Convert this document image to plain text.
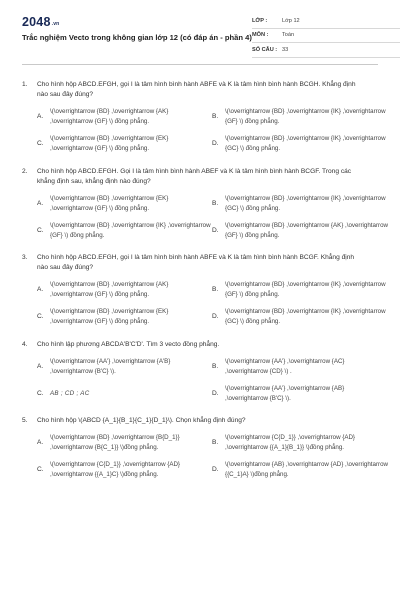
2048.vn
Trắc nghiệm Vecto trong không gian lớp 12 (có đáp án - phần 4)
LỚP :	Lớp 12
MÔN :	Toán
SỐ CÂU : 33
1.	Cho hình hộp ABCD.EFGH, gọi I là tâm hình bình hành ABFE và K là tâm hình bình hành BCGH. Khẳng định nào sau đây đúng?
A.
\(\overrightarrow {BD} ,\overrightarrow {AK} ,\overrightarrow {GF} \) đồng phẳng.
B.
\(\overrightarrow {BD} ,\overrightarrow {IK} ,\overrightarrow {GF} \) đồng phẳng.
C.
\(\overrightarrow {BD} ,\overrightarrow {EK} ,\overrightarrow {GF} \) đồng phẳng.
D.
\(\overrightarrow {BD} ,\overrightarrow {IK} ,\overrightarrow {GC} \) đồng phẳng.
2.	Cho hình hộp ABCD.EFGH. Gọi I là tâm hình bình hành ABEF và K là tâm hình bình hành BCGF. Trong các khẳng định sau, khẳng định nào đúng?
A.
\(\overrightarrow {BD} ,\overrightarrow {EK} ,\overrightarrow {GF} \) đồng phẳng.
B.
\(\overrightarrow {BD} ,\overrightarrow {IK} ,\overrightarrow {GC} \) đồng phẳng.
C.
\(\overrightarrow {BD} ,\overrightarrow {IK} ,\overrightarrow {GF} \) đồng phẳng.
D.
\(\overrightarrow {BD} ,\overrightarrow {AK} ,\overrightarrow {GF} \) đồng phẳng.
3.	Cho hình hộp ABCD.EFGH, gọi I là tâm hình bình hành ABFE và K là tâm hình bình hành BCGF. Khẳng định nào sau đây đúng?
A.
\(\overrightarrow {BD} ,\overrightarrow {AK} ,\overrightarrow {GF} \) đồng phẳng.
B.
\(\overrightarrow {BD} ,\overrightarrow {IK} ,\overrightarrow {GF} \) đồng phẳng.
C.
\(\overrightarrow {BD} ,\overrightarrow {EK} ,\overrightarrow {GF} \) đồng phẳng.
D.
\(\overrightarrow {BD} ,\overrightarrow {IK} ,\overrightarrow {GC} \) đồng phẳng.
4.	Cho hình lập phương ABCDA'B'C'D'. Tìm 3 vecto đồng phẳng.
A.
\(\overrightarrow {AA'} ,\overrightarrow {A'B} ,\overrightarrow {B'C} \).
B.
\(\overrightarrow {AA'} ,\overrightarrow {AC} ,\overrightarrow {CD} \) .
C.	AB ; CD ; AC	D.
\(\overrightarrow {AA'} ,\overrightarrow {AB} ,\overrightarrow {B'C} \).
5.	Cho hình hộp \(ABCD {A_1}{B_1}{C_1}{D_1}\). Chọn khẳng định đúng?
A.
\(\overrightarrow {BD} ,\overrightarrow {B{D_1}} ,\overrightarrow {B{C_1}} \)đồng phẳng.
B.
\(\overrightarrow {C{D_1}} ,\overrightarrow {AD} ,\overrightarrow {{A_1}{B_1}} \)đồng phẳng.
C.
\(\overrightarrow {C{D_1}} ,\overrightarrow {AD} ,\overrightarrow {{A_1}C} \)đồng phẳng.
D.
\(\overrightarrow {AB} ,\overrightarrow {AD} ,\overrightarrow {{C_1}A} \)đồng phẳng.
